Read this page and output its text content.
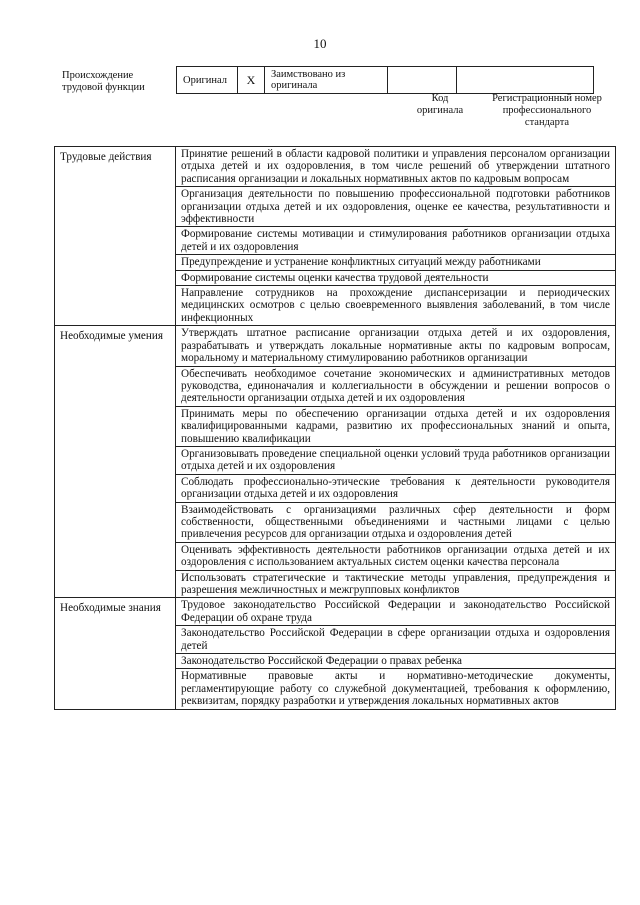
10
Происхождение трудовой функции
Оригинал	X	Заимствовано из оригинала		
Код оригинала
Регистрационный номер профессионального стандарта
Трудовые действия	Принятие решений в области кадровой политики и управления персоналом организации отдыха детей и их оздоровления, в том числе решений об утверждении штатного расписания организации и локальных нормативных актов по кадровым вопросам
	Организация деятельности по повышению профессиональной подготовки работников организации отдыха детей и их оздоровления, оценке ее качества, результативности и эффективности
	Формирование системы мотивации и стимулирования работников организации отдыха детей и их оздоровления
	Предупреждение и устранение конфликтных ситуаций между работниками
	Формирование системы оценки качества трудовой деятельности
	Направление сотрудников на прохождение диспансеризации и периодических медицинских осмотров с целью своевременного выявления заболеваний, в том числе инфекционных
Необходимые умения	Утверждать штатное расписание организации отдыха детей и их оздоровления, разрабатывать и утверждать локальные нормативные акты по кадровым вопросам, моральному и материальному стимулированию работников организации
	Обеспечивать необходимое сочетание экономических и административных методов руководства, единоначалия и коллегиальности в обсуждении и решении вопросов о деятельности организации отдыха детей и их оздоровления
	Принимать меры по обеспечению организации отдыха детей и их оздоровления квалифицированными кадрами, развитию их профессиональных знаний и опыта, повышению квалификации
	Организовывать проведение специальной оценки условий труда работников организации отдыха детей и их оздоровления
	Соблюдать профессионально-этические требования к деятельности руководителя организации отдыха детей и их оздоровления
	Взаимодействовать с организациями различных сфер деятельности и форм собственности, общественными объединениями и частными лицами с целью привлечения ресурсов для организации отдыха и оздоровления детей
	Оценивать эффективность деятельности работников организации отдыха детей и их оздоровления с использованием актуальных систем оценки качества персонала
	Использовать стратегические и тактические методы управления, предупреждения и разрешения межличностных и межгрупповых конфликтов
Необходимые знания	Трудовое законодательство Российской Федерации и законодательство Российской Федерации об охране труда
	Законодательство Российской Федерации в сфере организации отдыха и оздоровления детей
	Законодательство Российской Федерации о правах ребенка
	Нормативные правовые акты и нормативно-методические документы, регламентирующие работу со служебной документацией, требования к оформлению, реквизитам, порядку разработки и утверждения локальных нормативных актов
